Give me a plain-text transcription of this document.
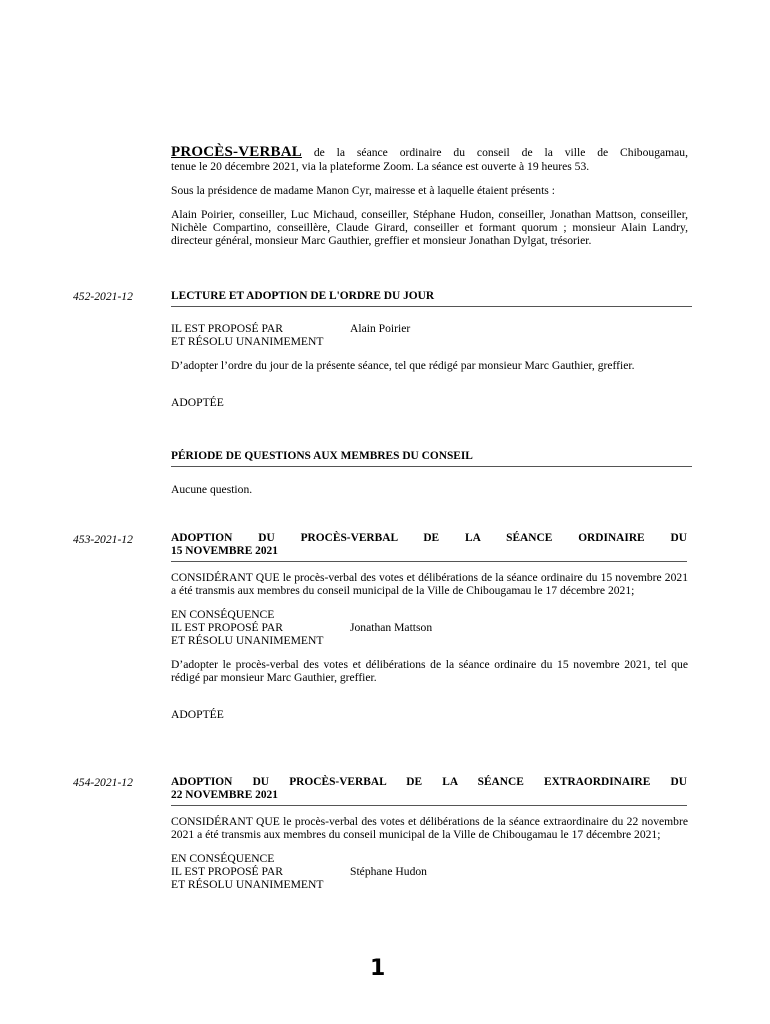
PROCÈS-VERBAL de la séance ordinaire du conseil de la ville de Chibougamau,

tenue le 20 décembre 2021, via la plateforme Zoom. La séance est ouverte à 19 heures 53.

Sous la présidence de madame Manon Cyr, mairesse et à laquelle étaient présents :

Alain Poirier, conseiller, Luc Michaud, conseiller, Stéphane Hudon, conseiller, Jonathan Mattson, conseiller, Nichèle Compartino, conseillère, Claude Girard, conseiller et formant quorum ; monsieur Alain Landry, directeur général, monsieur Marc Gauthier, greffier et monsieur Jonathan Dylgat, trésorier.

452-2021-12	LECTURE ET ADOPTION DE L'ORDRE DU JOUR
IL EST PROPOSÉ PAR	Alain Poirier

ET RÉSOLU UNANIMEMENT

D’adopter l’ordre du jour de la présente séance, tel que rédigé par monsieur Marc Gauthier, greffier.

ADOPTÉE

PÉRIODE DE QUESTIONS AUX MEMBRES DU CONSEIL

Aucune question.

453-2021-12	ADOPTION DU PROCÈS-VERBAL DE LA SÉANCE ORDINAIRE DU
15 NOVEMBRE 2021

CONSIDÉRANT QUE le procès-verbal des votes et délibérations de la séance ordinaire du 15 novembre 2021 a été transmis aux membres du conseil municipal de la Ville de Chibougamau le 17 décembre 2021;

EN CONSÉQUENCE

IL EST PROPOSÉ PAR	Jonathan Mattson

ET RÉSOLU UNANIMEMENT

D’adopter le procès-verbal des votes et délibérations de la séance ordinaire du 15 novembre 2021, tel que rédigé par monsieur Marc Gauthier, greffier.

ADOPTÉE

454-2021-12	ADOPTION DU PROCÈS-VERBAL DE LA SÉANCE EXTRAORDINAIRE DU
22 NOVEMBRE 2021

CONSIDÉRANT QUE le procès-verbal des votes et délibérations de la séance extraordinaire du 22 novembre 2021 a été transmis aux membres du conseil municipal de la Ville de Chibougamau le 17 décembre 2021;

EN CONSÉQUENCE

IL EST PROPOSÉ PAR	Stéphane Hudon

ET RÉSOLU UNANIMEMENT

1
